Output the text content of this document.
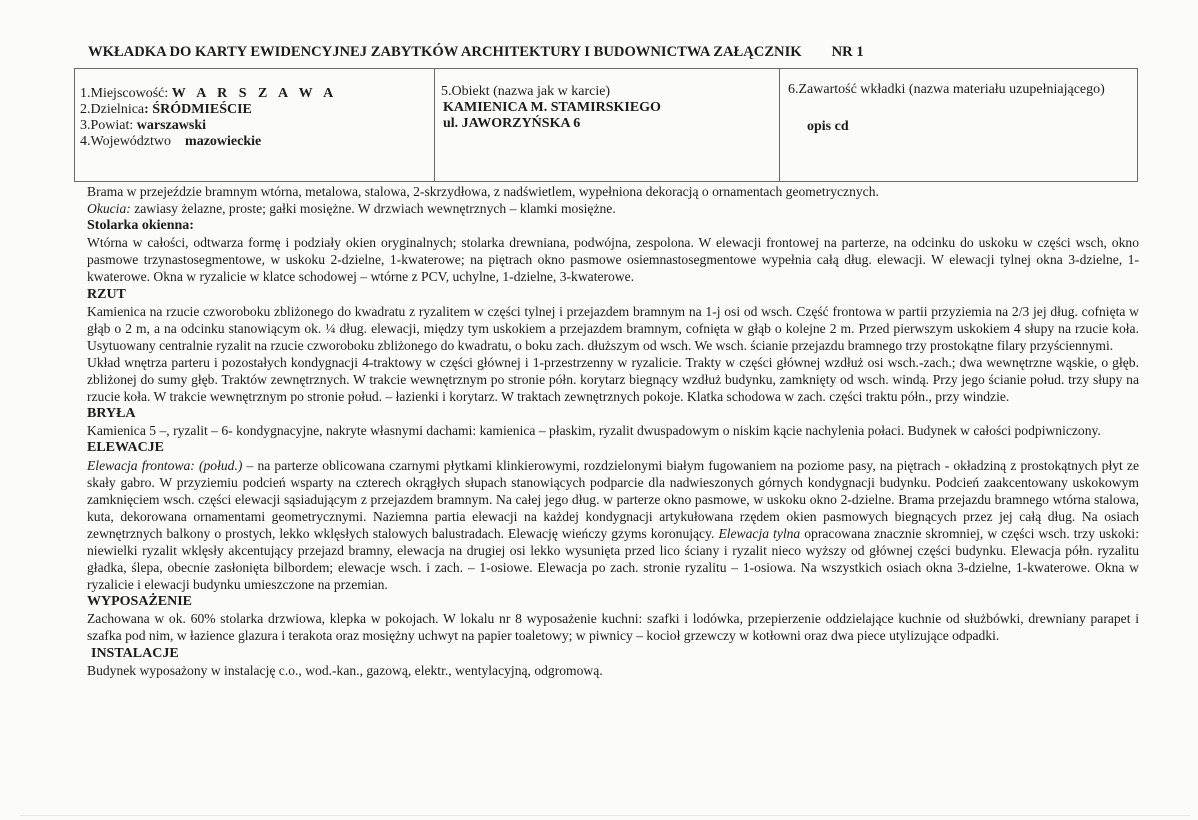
WKŁADKA DO KARTY EWIDENCYJNEJ ZABYTKÓW ARCHITEKTURY I BUDOWNICTWA ZAŁĄCZNIK NR 1
1.Miejscowość: W A R S Z A W A
2.Dzielnica: ŚRÓDMIEŚCIE
3.Powiat: warszawski
4.Województwo mazowieckie
5.Obiekt (nazwa jak w karcie)
KAMIENICA M. STAMIRSKIEGO
ul. JAWORZYŃSKA 6
6.Zawartość wkładki (nazwa materiału uzupełniającego)
opis cd

Brama w przejeździe bramnym wtórna, metalowa, stalowa, 2-skrzydłowa, z nadświetlem, wypełniona dekoracją o ornamentach geometrycznych.

Okucia: zawiasy żelazne, proste; gałki mosiężne. W drzwiach wewnętrznych – klamki mosiężne.

Stolarka okienna:

Wtórna w całości, odtwarza formę i podziały okien oryginalnych; stolarka drewniana, podwójna, zespolona. W elewacji frontowej na parterze, na odcinku do uskoku w części wsch, okno pasmowe trzynastosegmentowe, w uskoku 2-dzielne, 1-kwaterowe; na piętrach okno pasmowe osiemnastosegmentowe wypełnia całą dług. elewacji. W elewacji tylnej okna 3-dzielne, 1-kwaterowe. Okna w ryzalicie w klatce schodowej – wtórne z PCV, uchylne, 1-dzielne, 3-kwaterowe.

RZUT

Kamienica na rzucie czworoboku zbliżonego do kwadratu z ryzalitem w części tylnej i przejazdem bramnym na 1-j osi od wsch. Część frontowa w partii przyziemia na 2/3 jej dług. cofnięta w głąb o 2 m, a na odcinku stanowiącym ok. ¼ dług. elewacji, między tym uskokiem a przejazdem bramnym, cofnięta w głąb o kolejne 2 m. Przed pierwszym uskokiem 4 słupy na rzucie koła. Usytuowany centralnie ryzalit na rzucie czworoboku zbliżonego do kwadratu, o boku zach. dłuższym od wsch. We wsch. ścianie przejazdu bramnego trzy prostokątne filary przyściennymi.

Układ wnętrza parteru i pozostałych kondygnacji 4-traktowy w części głównej i 1-przestrzenny w ryzalicie. Trakty w części głównej wzdłuż osi wsch.-zach.; dwa wewnętrzne wąskie, o głęb. zbliżonej do sumy głęb. Traktów zewnętrznych. W trakcie wewnętrznym po stronie półn. korytarz biegnący wzdłuż budynku, zamknięty od wsch. windą. Przy jego ścianie połud. trzy słupy na rzucie koła. W trakcie wewnętrznym po stronie połud. – łazienki i korytarz. W traktach zewnętrznych pokoje. Klatka schodowa w zach. części traktu półn., przy windzie.

BRYŁA

Kamienica 5 –, ryzalit – 6- kondygnacyjne, nakryte własnymi dachami: kamienica – płaskim, ryzalit dwuspadowym o niskim kącie nachylenia połaci. Budynek w całości podpiwniczony.

ELEWACJE

Elewacja frontowa: (połud.) – na parterze oblicowana czarnymi płytkami klinkierowymi, rozdzielonymi białym fugowaniem na poziome pasy, na piętrach - okładziną z prostokątnych płyt ze skały gabro. W przyziemiu podcień wsparty na czterech okrągłych słupach stanowiących podparcie dla nadwieszonych górnych kondygnacji budynku. Podcień zaakcentowany uskokowym zamknięciem wsch. części elewacji sąsiadującym z przejazdem bramnym. Na całej jego dług. w parterze okno pasmowe, w uskoku okno 2-dzielne. Brama przejazdu bramnego wtórna stalowa, kuta, dekorowana ornamentami geometrycznymi. Naziemna partia elewacji na każdej kondygnacji artykułowana rzędem okien pasmowych biegnących przez jej całą dług. Na osiach zewnętrznych balkony o prostych, lekko wklęsłych stalowych balustradach. Elewację wieńczy gzyms koronujący. Elewacja tylna opracowana znacznie skromniej, w części wsch. trzy uskoki: niewielki ryzalit wklęsły akcentujący przejazd bramny, elewacja na drugiej osi lekko wysunięta przed lico ściany i ryzalit nieco wyższy od głównej części budynku. Elewacja półn. ryzalitu gładka, ślepa, obecnie zasłonięta bilbordem; elewacje wsch. i zach. – 1-osiowe. Elewacja po zach. stronie ryzalitu – 1-osiowa. Na wszystkich osiach okna 3-dzielne, 1-kwaterowe. Okna w ryzalicie i elewacji budynku umieszczone na przemian.

WYPOSAŻENIE

Zachowana w ok. 60% stolarka drzwiowa, klepka w pokojach. W lokalu nr 8 wyposażenie kuchni: szafki i lodówka, przepierzenie oddzielające kuchnie od służbówki, drewniany parapet i szafka pod nim, w łazience glazura i terakota oraz mosiężny uchwyt na papier toaletowy; w piwnicy – kocioł grzewczy w kotłowni oraz dwa piece utylizujące odpadki.

INSTALACJE

Budynek wyposażony w instalację c.o., wod.-kan., gazową, elektr., wentylacyjną, odgromową.
